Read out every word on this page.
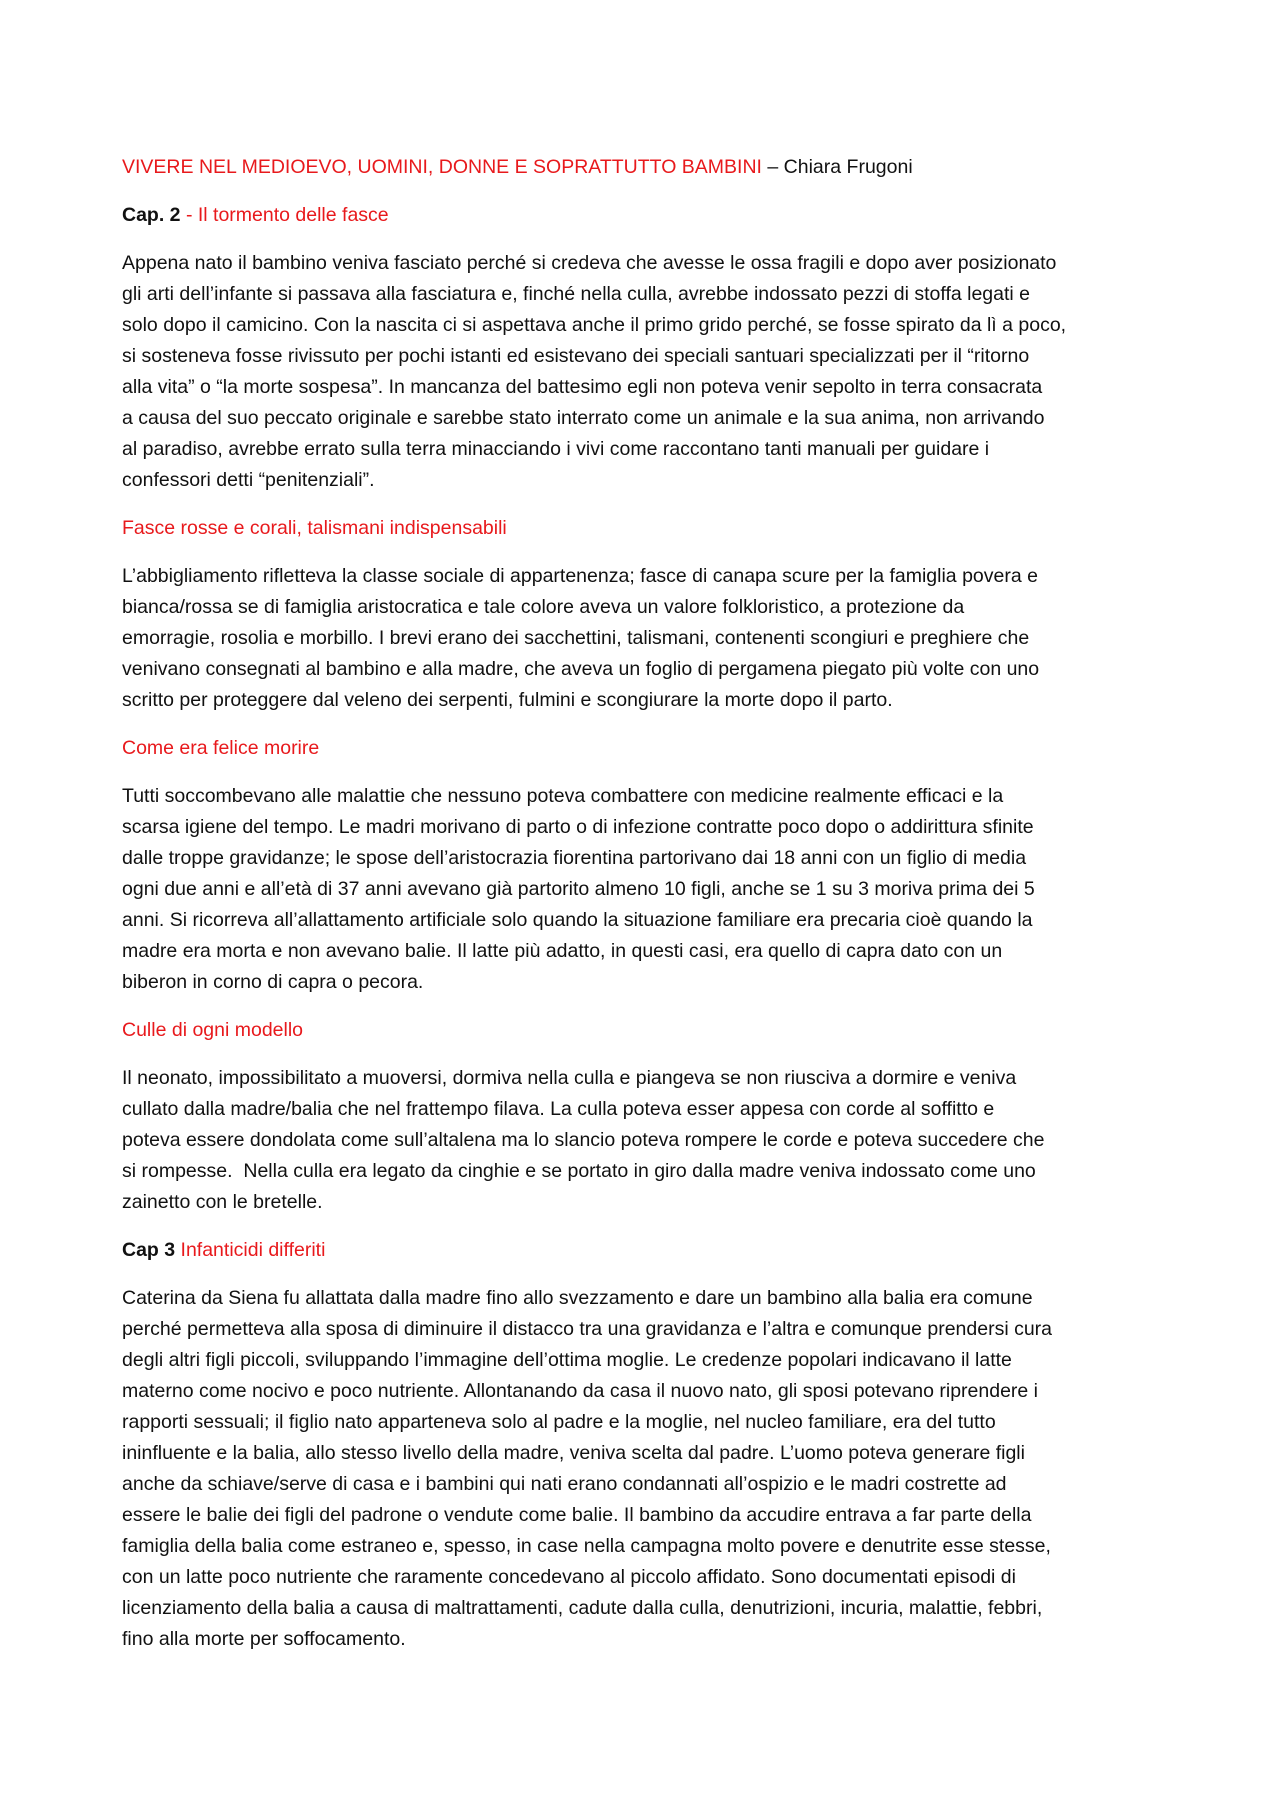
VIVERE NEL MEDIOEVO, UOMINI, DONNE E SOPRATTUTTO BAMBINI – Chiara Frugoni
Cap. 2 - Il tormento delle fasce
Appena nato il bambino veniva fasciato perché si credeva che avesse le ossa fragili e dopo aver posizionato
gli arti dell’infante si passava alla fasciatura e, finché nella culla, avrebbe indossato pezzi di stoffa legati e
solo dopo il camicino. Con la nascita ci si aspettava anche il primo grido perché, se fosse spirato da lì a poco,
si sosteneva fosse rivissuto per pochi istanti ed esistevano dei speciali santuari specializzati per il “ritorno
alla vita” o “la morte sospesa”. In mancanza del battesimo egli non poteva venir sepolto in terra consacrata
a causa del suo peccato originale e sarebbe stato interrato come un animale e la sua anima, non arrivando
al paradiso, avrebbe errato sulla terra minacciando i vivi come raccontano tanti manuali per guidare i
confessori detti “penitenziali”.
Fasce rosse e corali, talismani indispensabili
L’abbigliamento rifletteva la classe sociale di appartenenza; fasce di canapa scure per la famiglia povera e
bianca/rossa se di famiglia aristocratica e tale colore aveva un valore folkloristico, a protezione da
emorragie, rosolia e morbillo. I brevi erano dei sacchettini, talismani, contenenti scongiuri e preghiere che
venivano consegnati al bambino e alla madre, che aveva un foglio di pergamena piegato più volte con uno
scritto per proteggere dal veleno dei serpenti, fulmini e scongiurare la morte dopo il parto.
Come era felice morire
Tutti soccombevano alle malattie che nessuno poteva combattere con medicine realmente efficaci e la
scarsa igiene del tempo. Le madri morivano di parto o di infezione contratte poco dopo o addirittura sfinite
dalle troppe gravidanze; le spose dell’aristocrazia fiorentina partorivano dai 18 anni con un figlio di media
ogni due anni e all’età di 37 anni avevano già partorito almeno 10 figli, anche se 1 su 3 moriva prima dei 5
anni. Si ricorreva all’allattamento artificiale solo quando la situazione familiare era precaria cioè quando la
madre era morta e non avevano balie. Il latte più adatto, in questi casi, era quello di capra dato con un
biberon in corno di capra o pecora.
Culle di ogni modello
Il neonato, impossibilitato a muoversi, dormiva nella culla e piangeva se non riusciva a dormire e veniva
cullato dalla madre/balia che nel frattempo filava. La culla poteva esser appesa con corde al soffitto e
poteva essere dondolata come sull’altalena ma lo slancio poteva rompere le corde e poteva succedere che
si rompesse.  Nella culla era legato da cinghie e se portato in giro dalla madre veniva indossato come uno
zainetto con le bretelle.
Cap 3 Infanticidi differiti
Caterina da Siena fu allattata dalla madre fino allo svezzamento e dare un bambino alla balia era comune
perché permetteva alla sposa di diminuire il distacco tra una gravidanza e l’altra e comunque prendersi cura
degli altri figli piccoli, sviluppando l’immagine dell’ottima moglie. Le credenze popolari indicavano il latte
materno come nocivo e poco nutriente. Allontanando da casa il nuovo nato, gli sposi potevano riprendere i
rapporti sessuali; il figlio nato apparteneva solo al padre e la moglie, nel nucleo familiare, era del tutto
ininfluente e la balia, allo stesso livello della madre, veniva scelta dal padre. L’uomo poteva generare figli
anche da schiave/serve di casa e i bambini qui nati erano condannati all’ospizio e le madri costrette ad
essere le balie dei figli del padrone o vendute come balie. Il bambino da accudire entrava a far parte della
famiglia della balia come estraneo e, spesso, in case nella campagna molto povere e denutrite esse stesse,
con un latte poco nutriente che raramente concedevano al piccolo affidato. Sono documentati episodi di
licenziamento della balia a causa di maltrattamenti, cadute dalla culla, denutrizioni, incuria, malattie, febbri,
fino alla morte per soffocamento.
